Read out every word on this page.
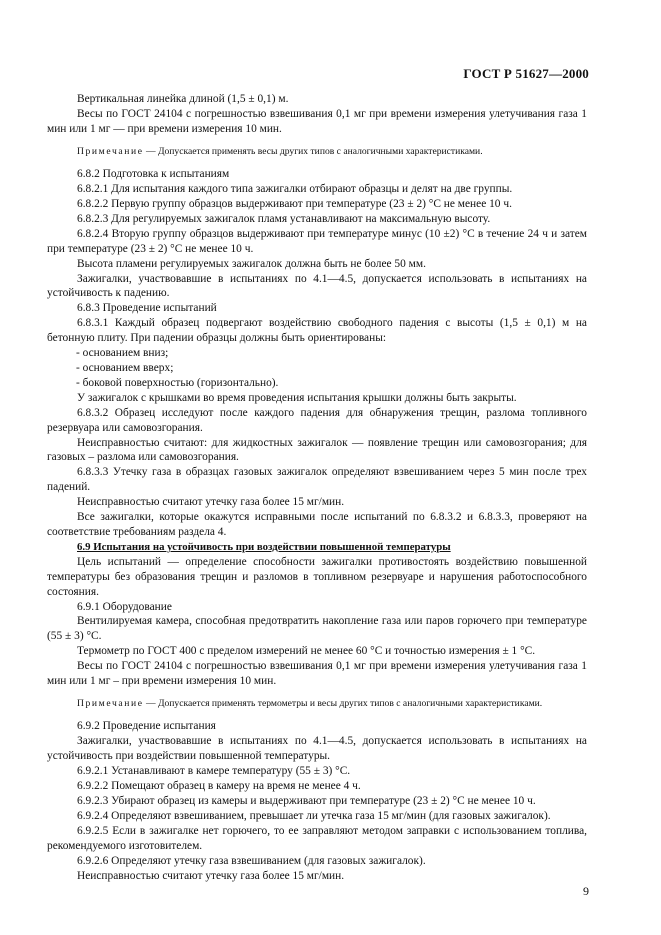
ГОСТ Р 51627—2000

Вертикальная линейка длиной (1,5 ± 0,1) м.

Весы по ГОСТ 24104 с погрешностью взвешивания 0,1 мг при времени измерения улетучивания газа 1 мин или 1 мг — при времени измерения 10 мин.

Примечание — Допускается применять весы других типов с аналогичными характеристиками.

6.8.2 Подготовка к испытаниям

6.8.2.1 Для испытания каждого типа зажигалки отбирают образцы и делят на две группы.

6.8.2.2 Первую группу образцов выдерживают при температуре (23 ± 2) °С не менее 10 ч.

6.8.2.3 Для регулируемых зажигалок пламя устанавливают на максимальную высоту.

6.8.2.4 Вторую группу образцов выдерживают при температуре минус (10 ±2) °С в течение 24 ч и затем при температуре (23 ± 2) °С не менее 10 ч.

Высота пламени регулируемых зажигалок должна быть не более 50 мм.

Зажигалки, участвовавшие в испытаниях по 4.1—4.5, допускается использовать в испытаниях на устойчивость к падению.

6.8.3 Проведение испытаний

6.8.3.1 Каждый образец подвергают воздействию свободного падения с высоты (1,5 ± 0,1) м на бетонную плиту. При падении образцы должны быть ориентированы:

- основанием вниз;

- основанием вверх;

- боковой поверхностью (горизонтально).

У зажигалок с крышками во время проведения испытания крышки должны быть закрыты.

6.8.3.2 Образец исследуют после каждого падения для обнаружения трещин, разлома топливного резервуара или самовозгорания.

Неисправностью считают: для жидкостных зажигалок — появление трещин или самовозгорания; для газовых – разлома или самовозгорания.

6.8.3.3 Утечку газа в образцах газовых зажигалок определяют взвешиванием через 5 мин после трех падений.

Неисправностью считают утечку газа более 15 мг/мин.

Все зажигалки, которые окажутся исправными после испытаний по 6.8.3.2 и 6.8.3.3, проверяют на соответствие требованиям раздела 4.

6.9 Испытания на устойчивость при воздействии повышенной температуры

Цель испытаний — определение способности зажигалки противостоять воздействию повышенной температуры без образования трещин и разломов в топливном резервуаре и нарушения работоспособного состояния.

6.9.1 Оборудование

Вентилируемая камера, способная предотвратить накопление газа или паров горючего при температуре (55 ± 3) °С.

Термометр по ГОСТ 400 с пределом измерений не менее 60 °С и точностью измерения ± 1 °С.

Весы по ГОСТ 24104 с погрешностью взвешивания 0,1 мг при времени измерения улетучивания газа 1 мин или 1 мг – при времени измерения 10 мин.

Примечание — Допускается применять термометры и весы других типов с аналогичными характеристиками.

6.9.2 Проведение испытания

Зажигалки, участвовавшие в испытаниях по 4.1—4.5, допускается использовать в испытаниях на устойчивость при воздействии повышенной температуры.

6.9.2.1 Устанавливают в камере температуру (55 ± 3) °С.

6.9.2.2 Помещают образец в камеру на время не менее 4 ч.

6.9.2.3 Убирают образец из камеры и выдерживают при температуре (23 ± 2) °С не менее 10 ч.

6.9.2.4 Определяют взвешиванием, превышает ли утечка газа 15 мг/мин (для газовых зажигалок).

6.9.2.5 Если в зажигалке нет горючего, то ее заправляют методом заправки с использованием топлива, рекомендуемого изготовителем.

6.9.2.6 Определяют утечку газа взвешиванием (для газовых зажигалок).

Неисправностью считают утечку газа более 15 мг/мин.

9
